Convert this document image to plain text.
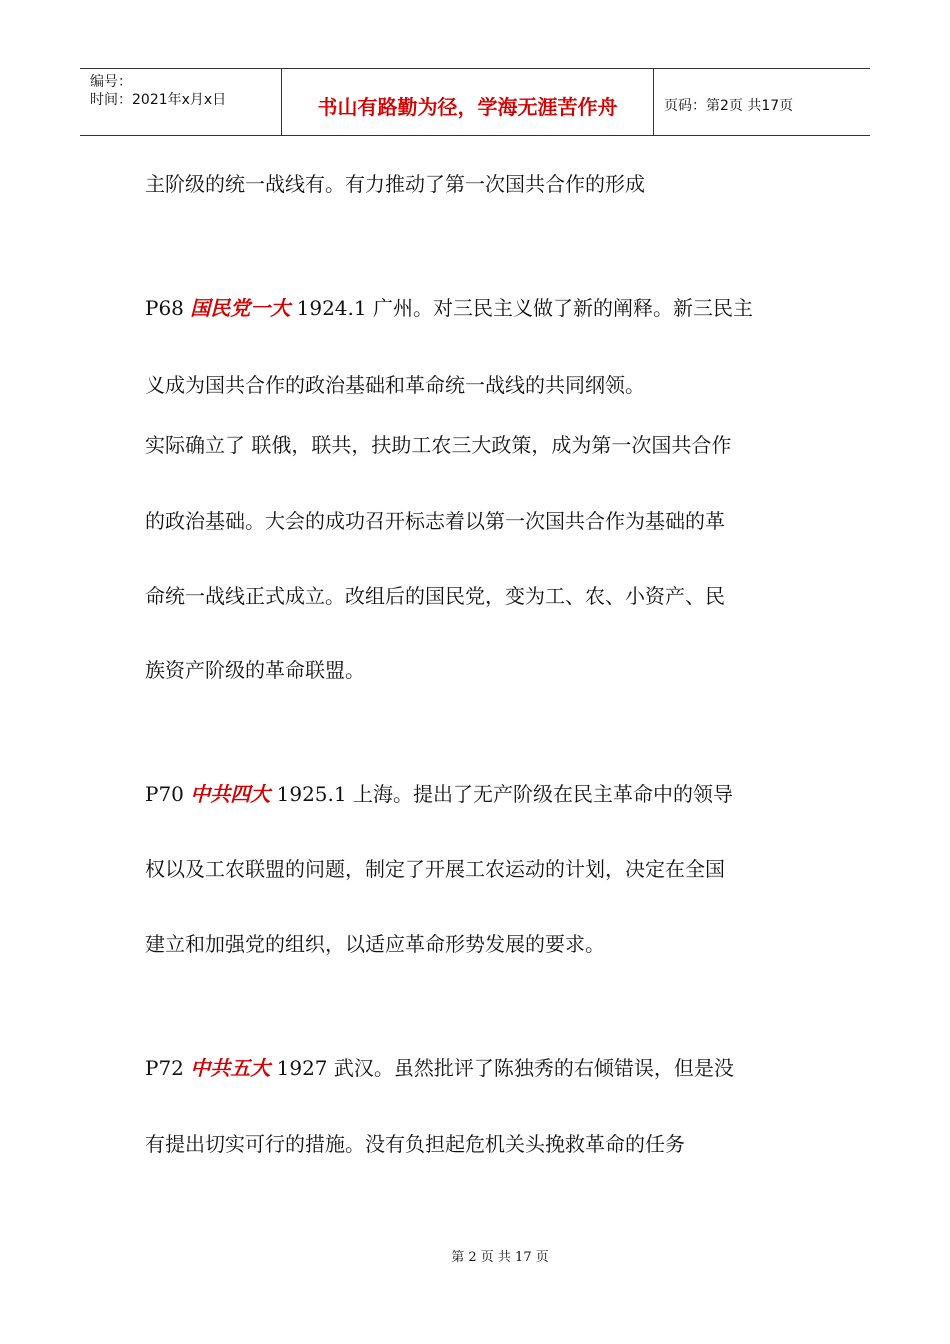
编号：
时间：2021年x月x日	书山有路勤为径，学海无涯苦作舟	页码：第2页 共17页
主阶级的统一战线有。有力推动了第一次国共合作的形成
P68 国民党一大 1924.1 广州。对三民主义做了新的阐释。新三民主
义成为国共合作的政治基础和革命统一战线的共同纲领。
实际确立了 联俄，联共，扶助工农三大政策，成为第一次国共合作
的政治基础。大会的成功召开标志着以第一次国共合作为基础的革
命统一战线正式成立。改组后的国民党，变为工、农、小资产、民
族资产阶级的革命联盟。
P70 中共四大 1925.1 上海。提出了无产阶级在民主革命中的领导
权以及工农联盟的问题，制定了开展工农运动的计划，决定在全国
建立和加强党的组织，以适应革命形势发展的要求。
P72 中共五大 1927 武汉。虽然批评了陈独秀的右倾错误，但是没
有提出切实可行的措施。没有负担起危机关头挽救革命的任务
第 2 页 共 17 页
